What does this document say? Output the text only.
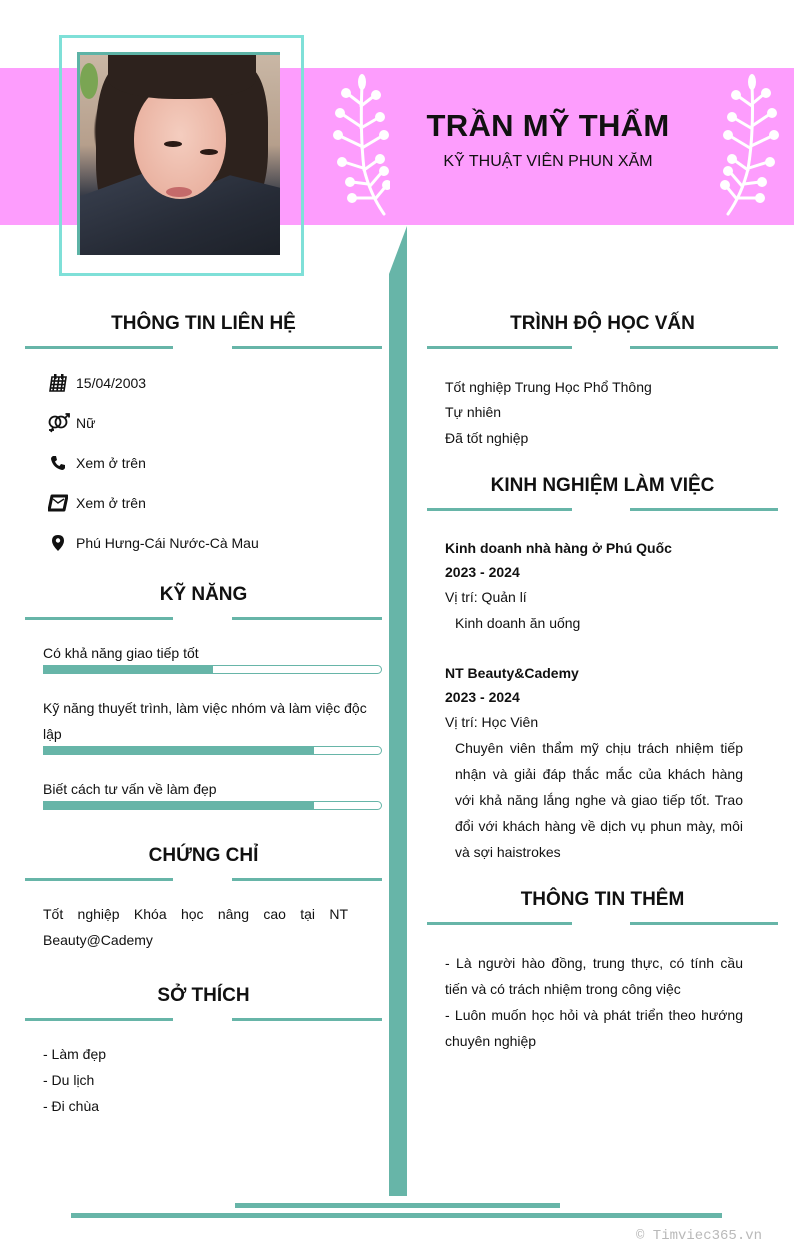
TRẦN MỸ THẨM
KỸ THUẬT VIÊN PHUN XĂM
THÔNG TIN LIÊN HỆ
15/04/2003
Nữ
Xem ở trên
Xem ở trên
Phú Hưng-Cái Nước-Cà Mau
KỸ NĂNG
Có khả năng giao tiếp tốt
Kỹ năng thuyết trình, làm việc nhóm và làm việc độc lập
Biết cách tư vấn về làm đẹp
CHỨNG CHỈ
Tốt nghiệp Khóa học nâng cao tại NT Beauty@Cademy
SỞ THÍCH
- Làm đẹp
- Du lịch
- Đi chùa
TRÌNH ĐỘ HỌC VẤN
Tốt nghiệp Trung Học Phổ Thông
Tự nhiên
Đã tốt nghiệp
KINH NGHIỆM LÀM VIỆC
Kinh doanh nhà hàng ở Phú Quốc
2023 - 2024
Vị trí: Quản lí
Kinh doanh ăn uống
NT Beauty&Cademy
2023 - 2024
Vị trí: Học Viên
Chuyên viên thẩm mỹ chịu trách nhiệm tiếp nhận và giải đáp thắc mắc của khách hàng với khả năng lắng nghe và giao tiếp tốt. Trao đổi với khách hàng về dịch vụ phun mày, môi và sợi haistrokes
THÔNG TIN THÊM
- Là người hào đồng, trung thực, có tính cầu tiến và có trách nhiệm trong công việc
- Luôn muốn học hỏi và phát triển theo hướng chuyên nghiệp
© Timviec365.vn
